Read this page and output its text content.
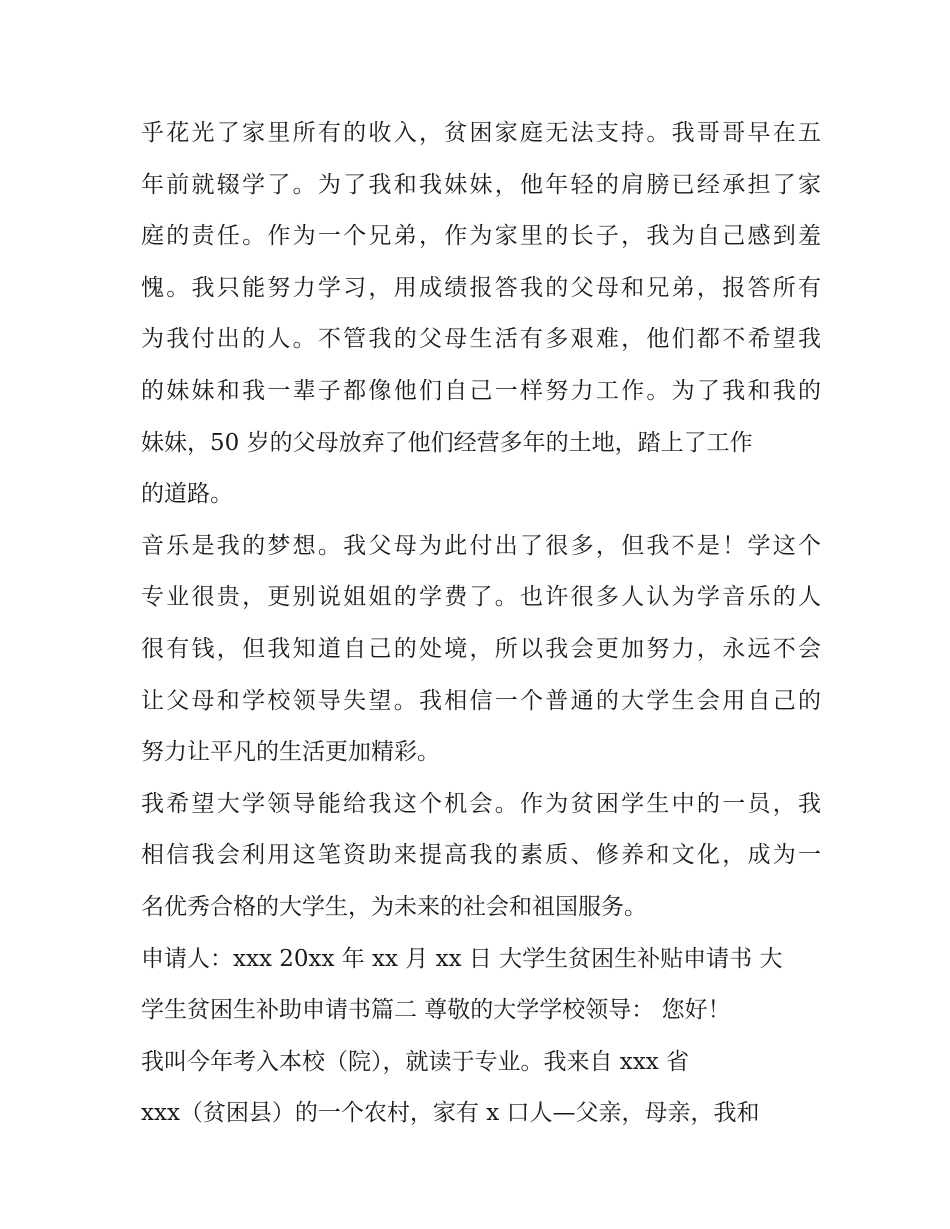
乎花光了家里所有的收入，贫困家庭无法支持。我哥哥早在五
年前就辍学了。为了我和我妹妹，他年轻的肩膀已经承担了家
庭的责任。作为一个兄弟，作为家里的长子，我为自己感到羞
愧。我只能努力学习，用成绩报答我的父母和兄弟，报答所有
为我付出的人。不管我的父母生活有多艰难，他们都不希望我
的妹妹和我一辈子都像他们自己一样努力工作。为了我和我的
妹妹，50 岁的父母放弃了他们经营多年的土地，踏上了工作
的道路。
音乐是我的梦想。我父母为此付出了很多，但我不是！学这个
专业很贵，更别说姐姐的学费了。也许很多人认为学音乐的人
很有钱，但我知道自己的处境，所以我会更加努力，永远不会
让父母和学校领导失望。我相信一个普通的大学生会用自己的
努力让平凡的生活更加精彩。
我希望大学领导能给我这个机会。作为贫困学生中的一员，我
相信我会利用这笔资助来提高我的素质、修养和文化，成为一
名优秀合格的大学生，为未来的社会和祖国服务。
申请人：xxx 20xx 年 xx 月 xx 日 大学生贫困生补贴申请书 大
学生贫困生补助申请书篇二 尊敬的大学学校领导： 您好！
我叫今年考入本校（院），就读于专业。我来自 xxx 省
xxx（贫困县）的一个农村，家有 x 口人—父亲，母亲，我和
